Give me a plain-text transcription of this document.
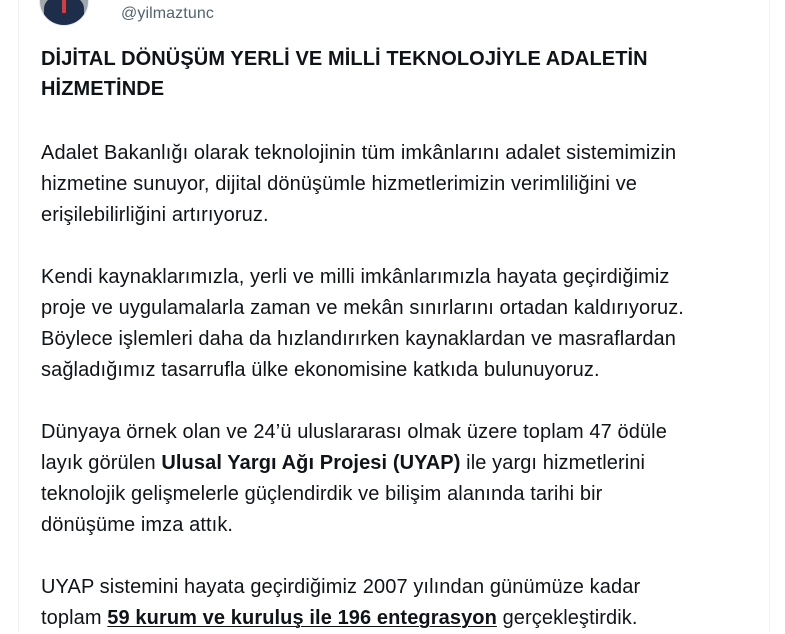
@yilmaztunc
DİJİTAL DÖNÜŞÜM YERLİ VE MİLLİ TEKNOLOJİYLE ADALETİN
HİZMETİNDE
Adalet Bakanlığı olarak teknolojinin tüm imkânlarını adalet sistemimizin
hizmetine sunuyor, dijital dönüşümle hizmetlerimizin verimliliğini ve
erişilebilirliğini artırıyoruz.
Kendi kaynaklarımızla, yerli ve milli imkânlarımızla hayata geçirdiğimiz
proje ve uygulamalarla zaman ve mekân sınırlarını ortadan kaldırıyoruz.
Böylece işlemleri daha da hızlandırırken kaynaklardan ve masraflardan
sağladığımız tasarrufla ülke ekonomisine katkıda bulunuyoruz.
Dünyaya örnek olan ve 24’ü uluslararası olmak üzere toplam 47 ödüle
layık görülen Ulusal Yargı Ağı Projesi (UYAP) ile yargı hizmetlerini
teknolojik gelişmelerle güçlendirdik ve bilişim alanında tarihi bir
dönüşüme imza attık.
UYAP sistemini hayata geçirdiğimiz 2007 yılından günümüze kadar
toplam 59 kurum ve kuruluş ile 196 entegrasyon gerçekleştirdik.
